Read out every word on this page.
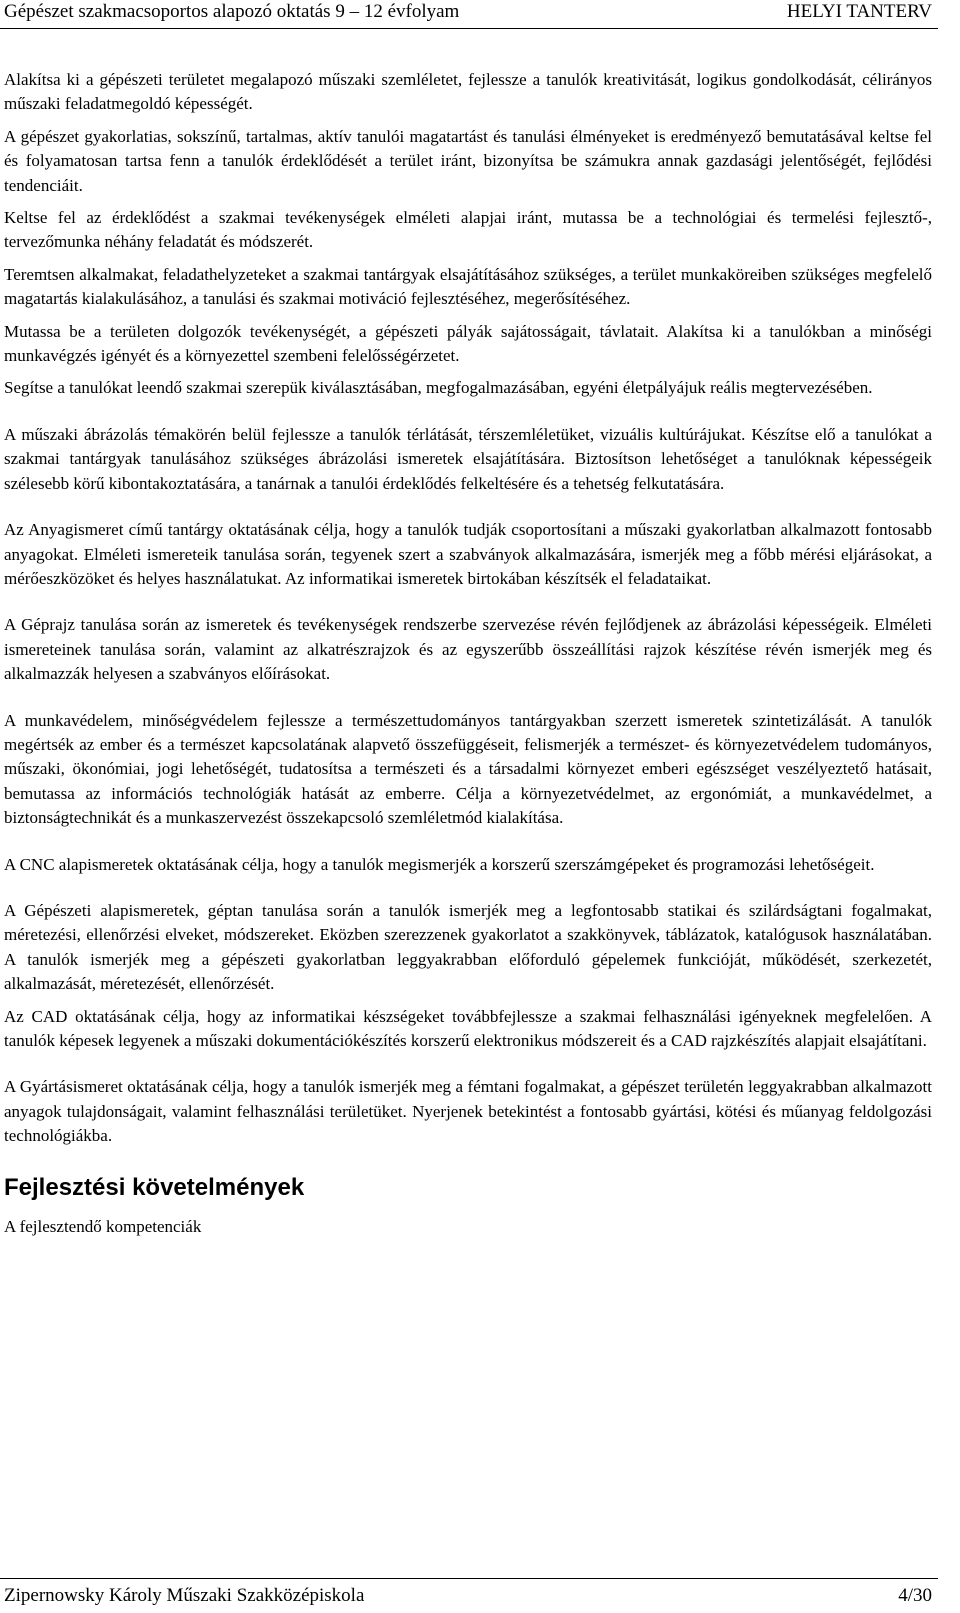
Gépészet szakmacsoportos alapozó oktatás 9 – 12 évfolyam	HELYI TANTERV

Alakítsa ki a gépészeti területet megalapozó műszaki szemléletet, fejlessze a tanulók kreativitását, logikus gondolkodását, célirányos műszaki feladatmegoldó képességét.

A gépészet gyakorlatias, sokszínű, tartalmas, aktív tanulói magatartást és tanulási élményeket is eredményező bemutatásával keltse fel és folyamatosan tartsa fenn a tanulók érdeklődését a terület iránt, bizonyítsa be számukra annak gazdasági jelentőségét, fejlődési tendenciáit.

Keltse fel az érdeklődést a szakmai tevékenységek elméleti alapjai iránt, mutassa be a technológiai és termelési fejlesztő-, tervezőmunka néhány feladatát és módszerét.

Teremtsen alkalmakat, feladathelyzeteket a szakmai tantárgyak elsajátításához szükséges, a terület munkaköreiben szükséges megfelelő magatartás kialakulásához, a tanulási és szakmai motiváció fejlesztéséhez, megerősítéséhez.

Mutassa be a területen dolgozók tevékenységét, a gépészeti pályák sajátosságait, távlatait. Alakítsa ki a tanulókban a minőségi munkavégzés igényét és a környezettel szembeni felelősségérzetet.

Segítse a tanulókat leendő szakmai szerepük kiválasztásában, megfogalmazásában, egyéni életpályájuk reális megtervezésében.

A műszaki ábrázolás témakörén belül fejlessze a tanulók térlátását, térszemléletüket, vizuális kultúrájukat. Készítse elő a tanulókat a szakmai tantárgyak tanulásához szükséges ábrázolási ismeretek elsajátítására. Biztosítson lehetőséget a tanulóknak képességeik szélesebb körű kibontakoztatására, a tanárnak a tanulói érdeklődés felkeltésére és a tehetség felkutatására.

Az Anyagismeret című tantárgy oktatásának célja, hogy a tanulók tudják csoportosítani a műszaki gyakorlatban alkalmazott fontosabb anyagokat. Elméleti ismereteik tanulása során, tegyenek szert a szabványok alkalmazására, ismerjék meg a főbb mérési eljárásokat, a mérőeszközöket és helyes használatukat. Az informatikai ismeretek birtokában készítsék el feladataikat.

A Géprajz tanulása során az ismeretek és tevékenységek rendszerbe szervezése révén fejlődjenek az ábrázolási képességeik. Elméleti ismereteinek tanulása során, valamint az alkatrészrajzok és az egyszerűbb összeállítási rajzok készítése révén ismerjék meg és alkalmazzák helyesen a szabványos előírásokat.

A munkavédelem, minőségvédelem fejlessze a természettudományos tantárgyakban szerzett ismeretek szintetizálását. A tanulók megértsék az ember és a természet kapcsolatának alapvető összefüggéseit, felismerjék a természet- és környezetvédelem tudományos, műszaki, ökonómiai, jogi lehetőségét, tudatosítsa a természeti és a társadalmi környezet emberi egészséget veszélyeztető hatásait, bemutassa az információs technológiák hatását az emberre. Célja a környezetvédelmet, az ergonómiát, a munkavédelmet, a biztonságtechnikát és a munkaszervezést összekapcsoló szemléletmód kialakítása.

A CNC alapismeretek oktatásának célja, hogy a tanulók megismerjék a korszerű szerszámgépeket és programozási lehetőségeit.

A Gépészeti alapismeretek, géptan tanulása során a tanulók ismerjék meg a legfontosabb statikai és szilárdságtani fogalmakat, méretezési, ellenőrzési elveket, módszereket. Eközben szerezzenek gyakorlatot a szakkönyvek, táblázatok, katalógusok használatában. A tanulók ismerjék meg a gépészeti gyakorlatban leggyakrabban előforduló gépelemek funkcióját, működését, szerkezetét, alkalmazását, méretezését, ellenőrzését.

Az CAD oktatásának célja, hogy az informatikai készségeket továbbfejlesszе a szakmai felhasználási igényeknek megfelelően. A tanulók képesek legyenek a műszaki dokumentációkészítés korszerű elektronikus módszereit és a CAD rajzkészítés alapjait elsajátítani.

A Gyártásismeret oktatásának célja, hogy a tanulók ismerjék meg a fémtani fogalmakat, a gépészet területén leggyakrabban alkalmazott anyagok tulajdonságait, valamint felhasználási területüket. Nyerjenek betekintést a fontosabb gyártási, kötési és műanyag feldolgozási technológiákba.

Fejlesztési követelmények

A fejlesztendő kompetenciák

Zipernowsky Károly Műszaki Szakközépiskola	4/30
